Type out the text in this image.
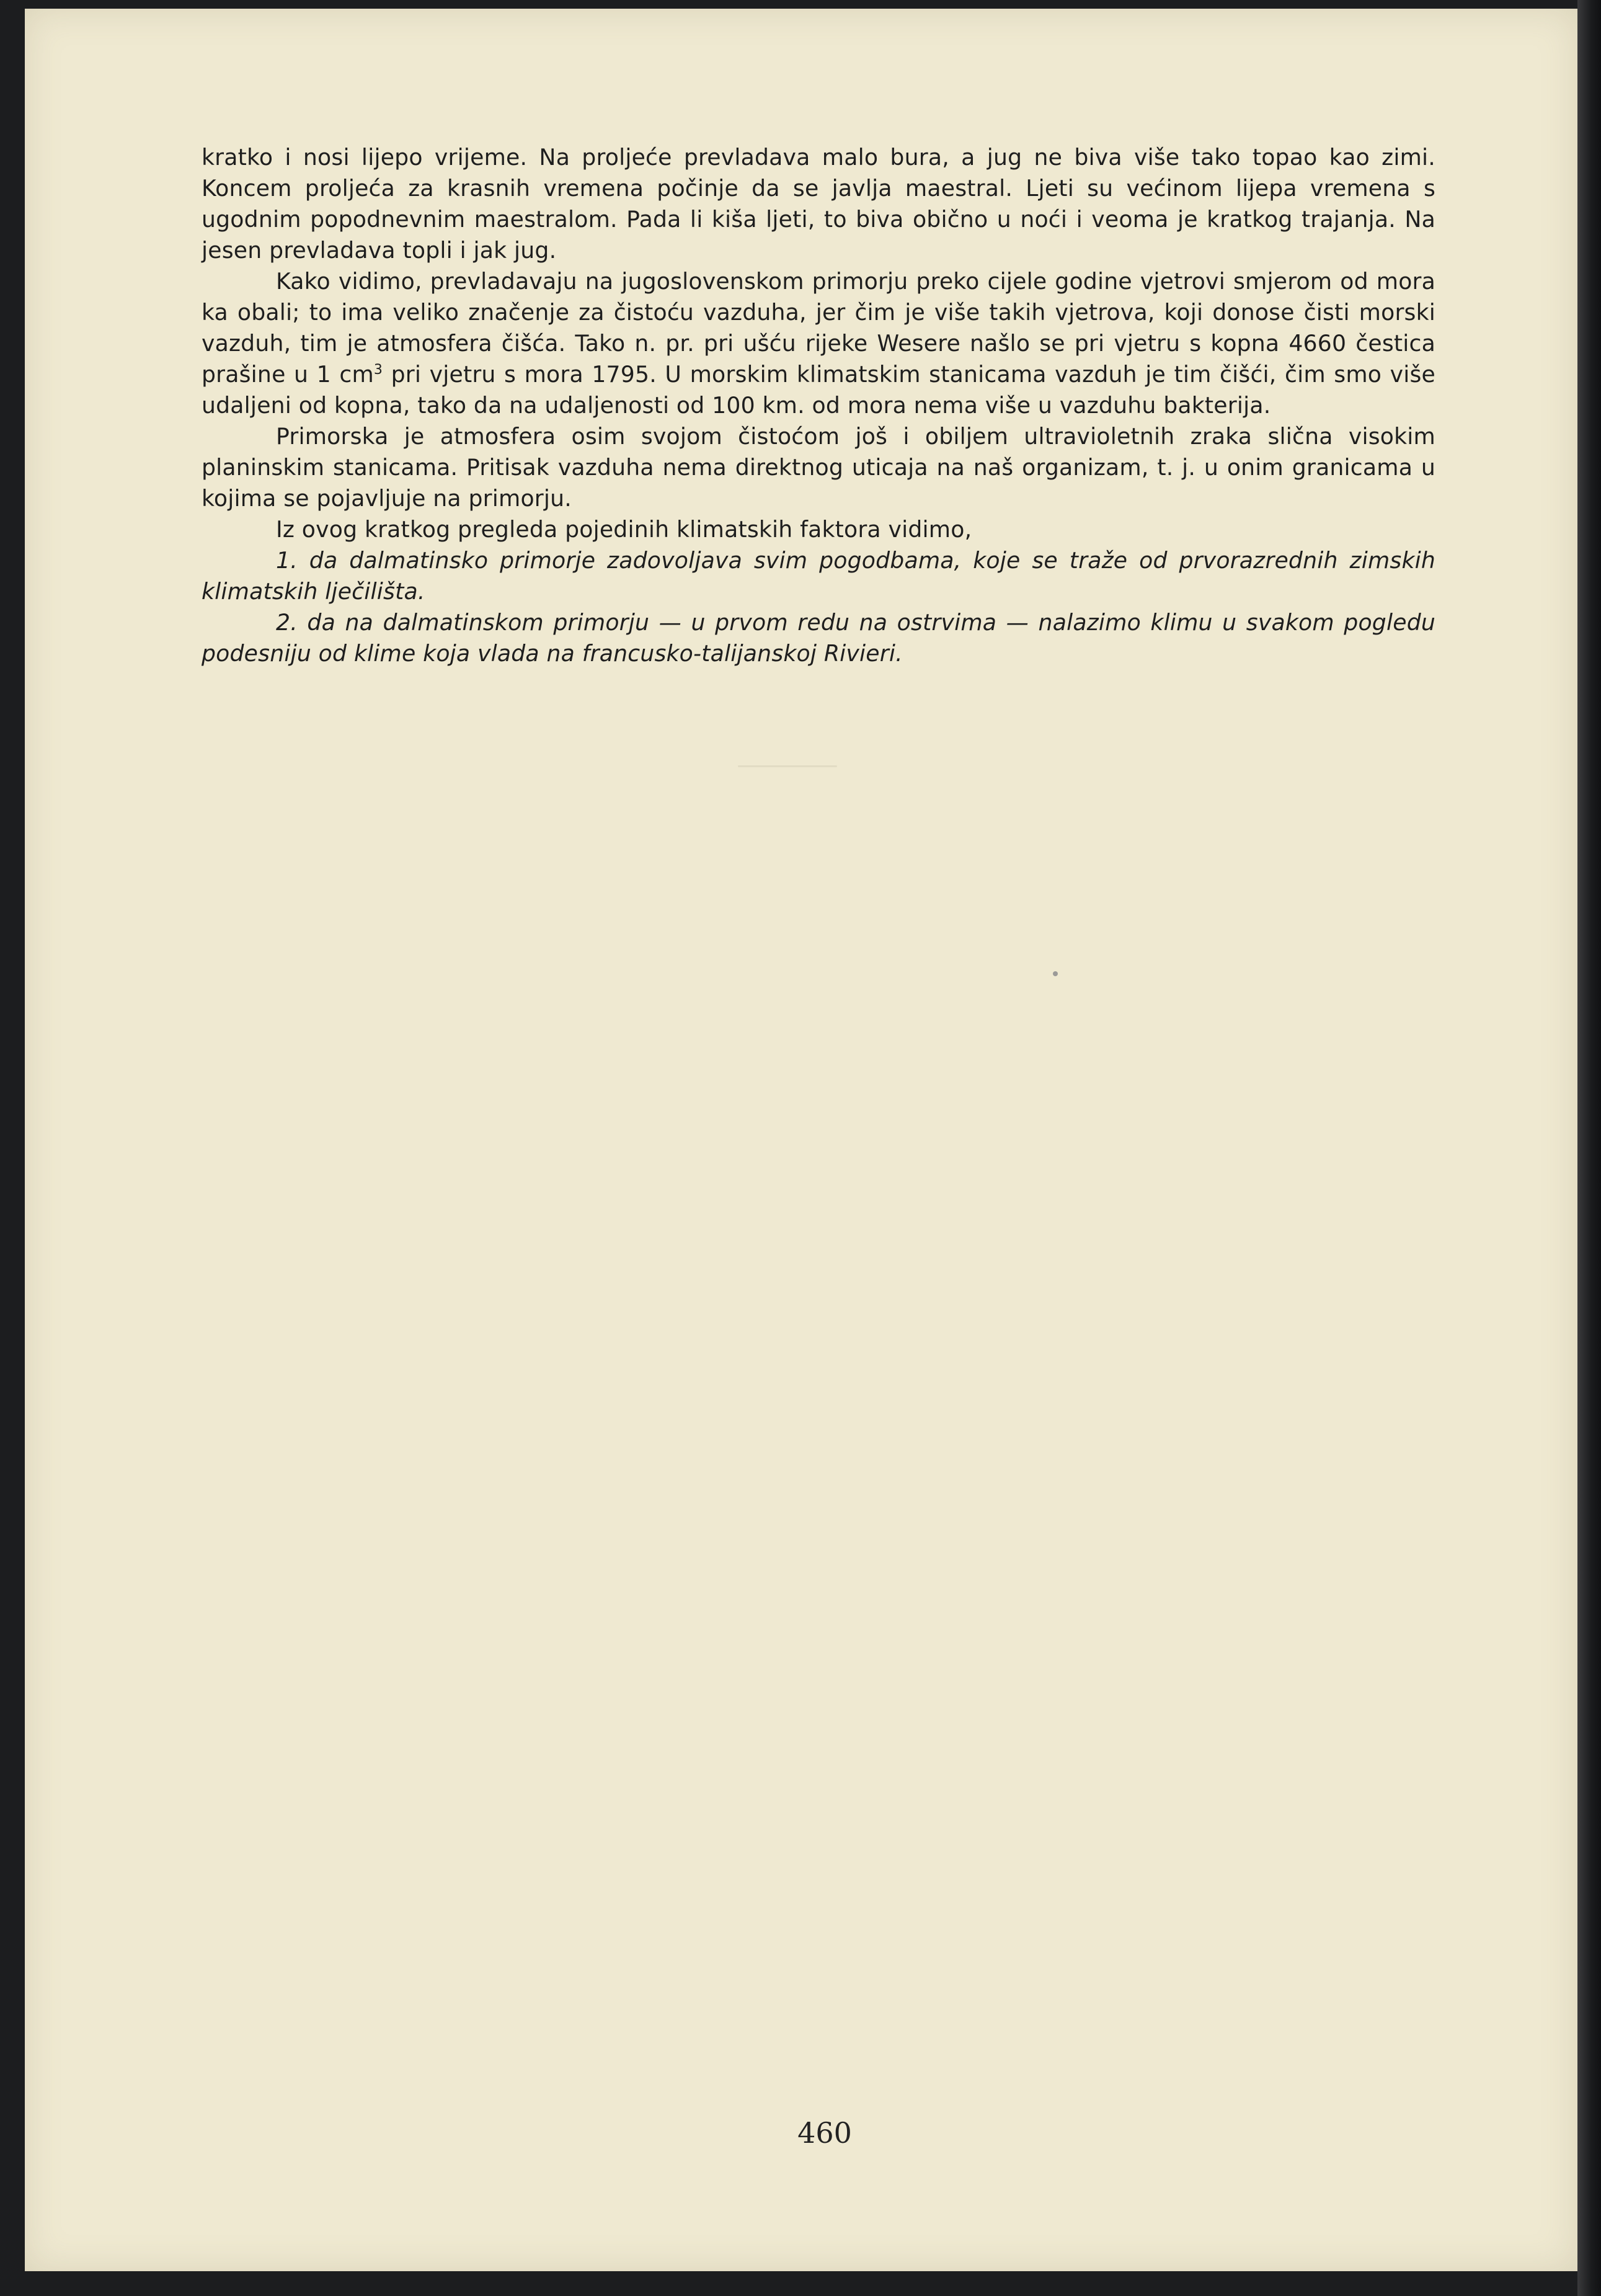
kratko i nosi lijepo vrijeme. Na proljeće prevladava malo bura, a jug ne biva više tako topao kao zimi. Koncem proljeća za krasnih vremena počinje da se javlja maestral. Ljeti su većinom lijepa vremena s ugodnim popodnevnim maestralom. Pada li kiša ljeti, to biva obično u noći i veoma je kratkog trajanja. Na jesen prevladava topli i jak jug.

Kako vidimo, prevladavaju na jugoslovenskom primorju preko cijele godine vjetrovi smjerom od mora ka obali; to ima veliko značenje za čistoću vazduha, jer čim je više takih vjetrova, koji donose čisti morski vazduh, tim je atmosfera čišća. Tako n. pr. pri ušću rijeke Wesere našlo se pri vjetru s kopna 4660 čestica prašine u 1 $cm^3$ pri vjetru s mora 1795. U morskim klimatskim stanicama vazduh je tim čišći, čim smo više udaljeni od kopna, tako da na udaljenosti od 100 km. od mora nema više u vazduhu bakterija.

Primorska je atmosfera osim svojom čistoćom još i obiljem ultravioletnih zraka slična visokim planinskim stanicama. Pritisak vazduha nema direktnog uticaja na naš organizam, t. j. u onim granicama u kojima se pojavljuje na primorju.

Iz ovog kratkog pregleda pojedinih klimatskih faktora vidimo,

1. da dalmatinsko primorje zadovoljava svim pogodbama, koje se traže od prvorazrednih zimskih klimatskih lječilišta.

2. da na dalmatinskom primorju — u prvom redu na ostrvima — nalazimo klimu u svakom pogledu podesniju od klime koja vlada na francusko-talijanskoj Rivieri.

460
